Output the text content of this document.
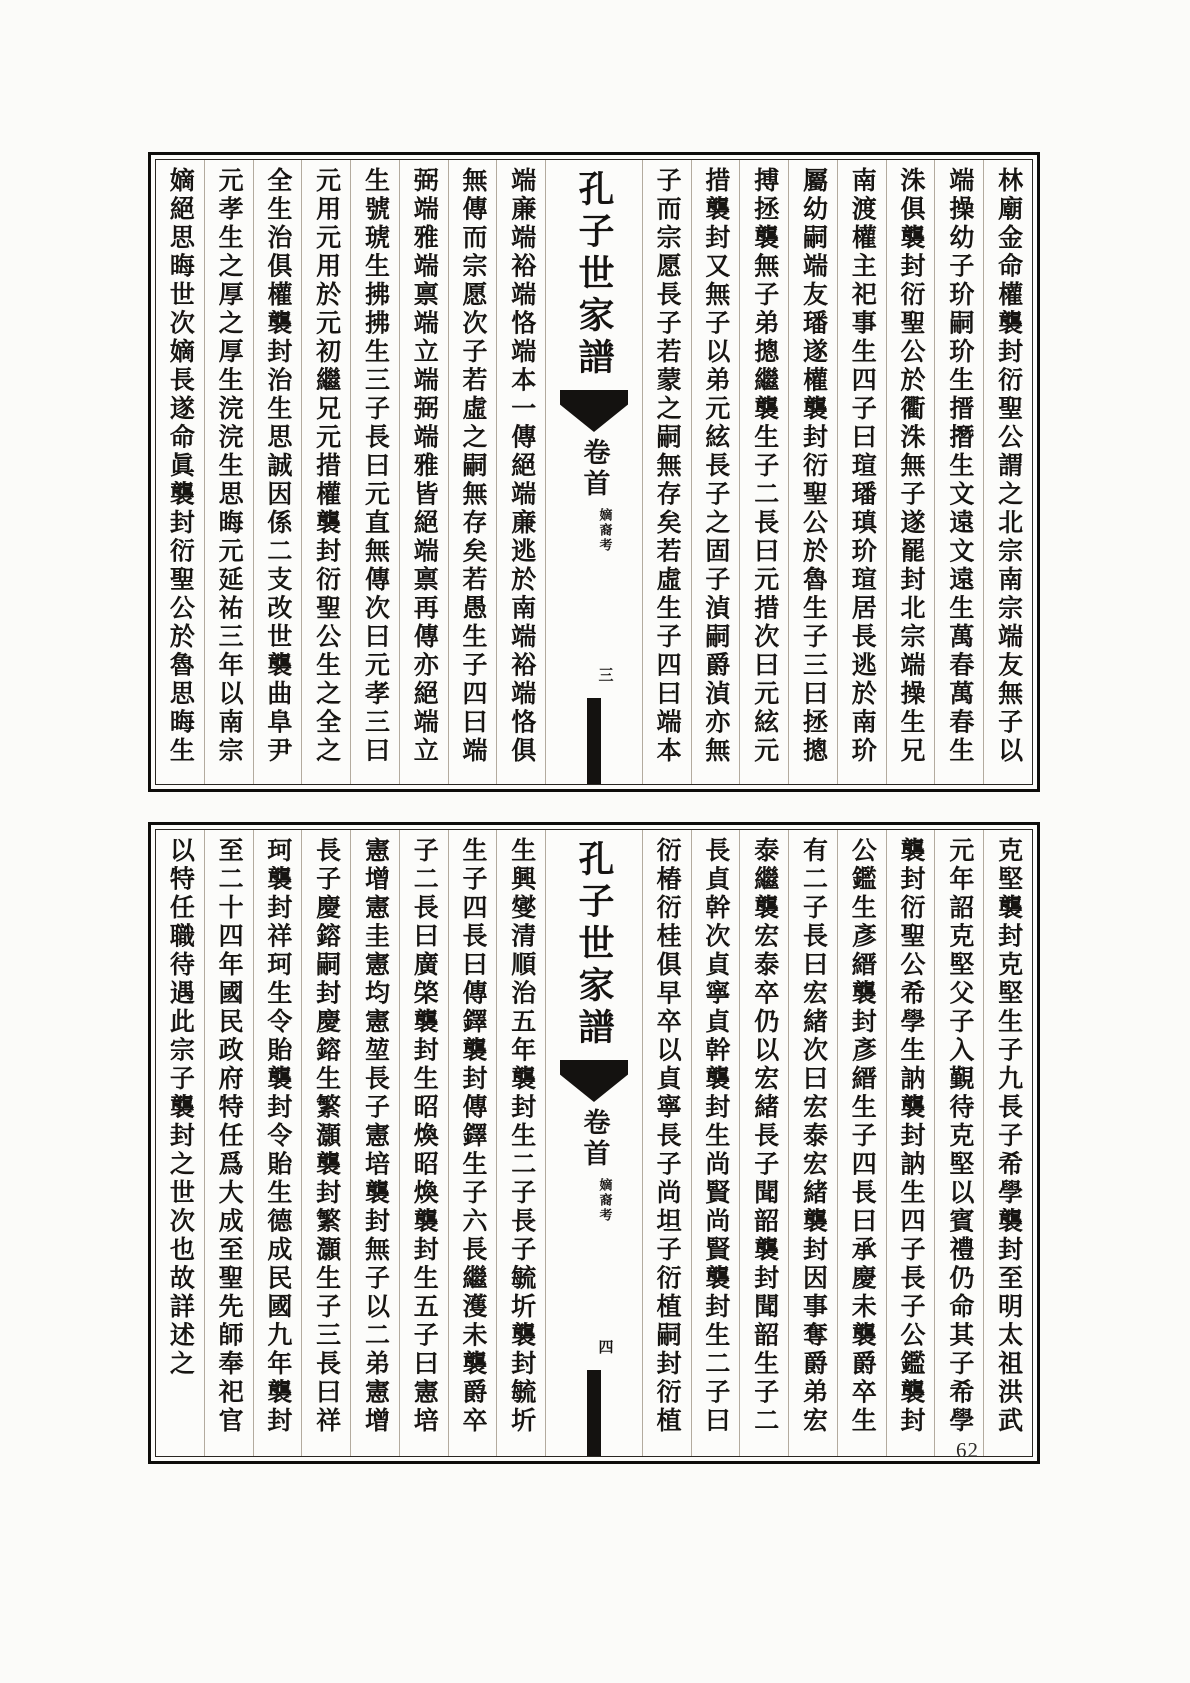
林廟金命權襲封衍聖公謂之北宗南宗端友無子以
端操幼子玠嗣玠生搢撍生文遠文遠生萬春萬春生
洙俱襲封衍聖公於衢洙無子遂罷封北宗端操生兄
南渡權主祀事生四子曰瑄璠瑱玠瑄居長逃於南玠
屬幼嗣端友璠遂權襲封衍聖公於魯生子三曰拯摠
搏拯襲無子弟摠繼襲生子二長曰元措次曰元絃元
措襲封又無子以弟元絃長子之固子湞嗣爵湞亦無
子而宗愿長子若蒙之嗣無存矣若虛生子四曰端本
孔子世家譜
卷首
嫡裔考
三
端亷端裕端恪端本一傳絕端亷逃於南端裕端恪俱
無傳而宗愿次子若虛之嗣無存矣若愚生子四曰端
弼端雅端禀端立端弼端雅皆絕端禀再傳亦絕端立
生號琥生拂拂生三子長曰元直無傳次曰元孝三曰
元用元用於元初繼兄元措權襲封衍聖公生之全之
全生治俱權襲封治生思誠因係二支改世襲曲阜尹
元孝生之厚之厚生浣浣生思晦元延祐三年以南宗
嫡絕思晦世次嫡長遂命眞襲封衍聖公於魯思晦生
克堅襲封克堅生子九長子希學襲封至明太祖洪武
元年詔克堅父子入覲待克堅以賓禮仍命其子希學
襲封衍聖公希學生訥襲封訥生四子長子公鑑襲封
公鑑生彥縉襲封彥縉生子四長曰承慶未襲爵卒生
有二子長曰宏緒次曰宏泰宏緒襲封因事奪爵弟宏
泰繼襲宏泰卒仍以宏緒長子聞韶襲封聞韶生子二
長貞幹次貞寧貞幹襲封生尚賢尚賢襲封生二子曰
衍椿衍桂俱早卒以貞寧長子尚坦子衍植嗣封衍植
孔子世家譜
卷首
嫡裔考
四
生興燮清順治五年襲封生二子長子毓圻襲封毓圻
生子四長曰傳鐸襲封傳鐸生子六長繼濩未襲爵卒
子二長曰廣棨襲封生昭煥昭煥襲封生五子曰憲培
憲增憲圭憲均憲堃長子憲培襲封無子以二弟憲增
長子慶鎔嗣封慶鎔生繁灝襲封繁灝生子三長曰祥
珂襲封祥珂生令貽襲封令貽生德成民國九年襲封
至二十四年國民政府特任爲大成至聖先師奉祀官
以特任職待遇此宗子襲封之世次也故詳述之
62
